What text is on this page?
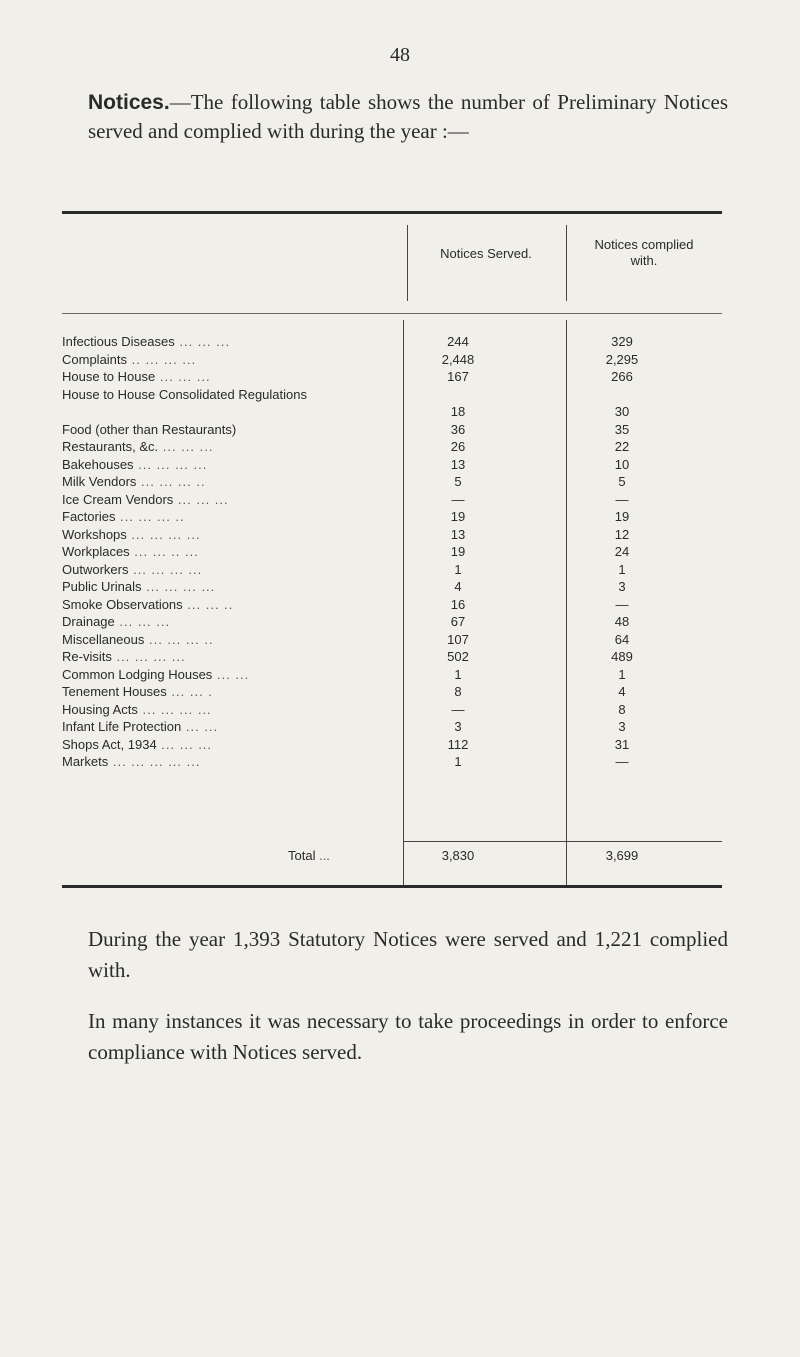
48
Notices.—The following table shows the number of Preliminary Notices served and complied with during the year :—
Notices Served.
Notices complied with.
Infectious Diseases ... ... ...	244	329
Complaints .. ... ... ...	2,448	2,295
House to House ... ... ...	167	266
House to House Consolidated Regulations
18	30
Food (other than Restaurants)	36	35
Restaurants, &c. ... ... ...	26	22
Bakehouses ... ... ... ...	13	10
Milk Vendors ... ... ... ..	5	5
Ice Cream Vendors ... ... ...	—	—
Factories ... ... ... ..	19	19
Workshops ... ... ... ...	13	12
Workplaces ... ... .. ...	19	24
Outworkers ... ... ... ...	1	1
Public Urinals ... ... ... ...	4	3
Smoke Observations ... ... ..	16	—
Drainage ... ... ...	67	48
Miscellaneous ... ... ... ..	107	64
Re-visits ... ... ... ...	502	489
Common Lodging Houses ... ...	1	1
Tenement Houses ... ... .	8	4
Housing Acts ... ... ... ...	—	8
Infant Life Protection ... ...	3	3
Shops Act, 1934 ... ... ...	112	31
Markets ... ... ... ... ...	1	—
Total ...	3,830	3,699
During the year 1,393 Statutory Notices were served and 1,221 complied with.
In many instances it was necessary to take proceedings in order to enforce compliance with Notices served.
